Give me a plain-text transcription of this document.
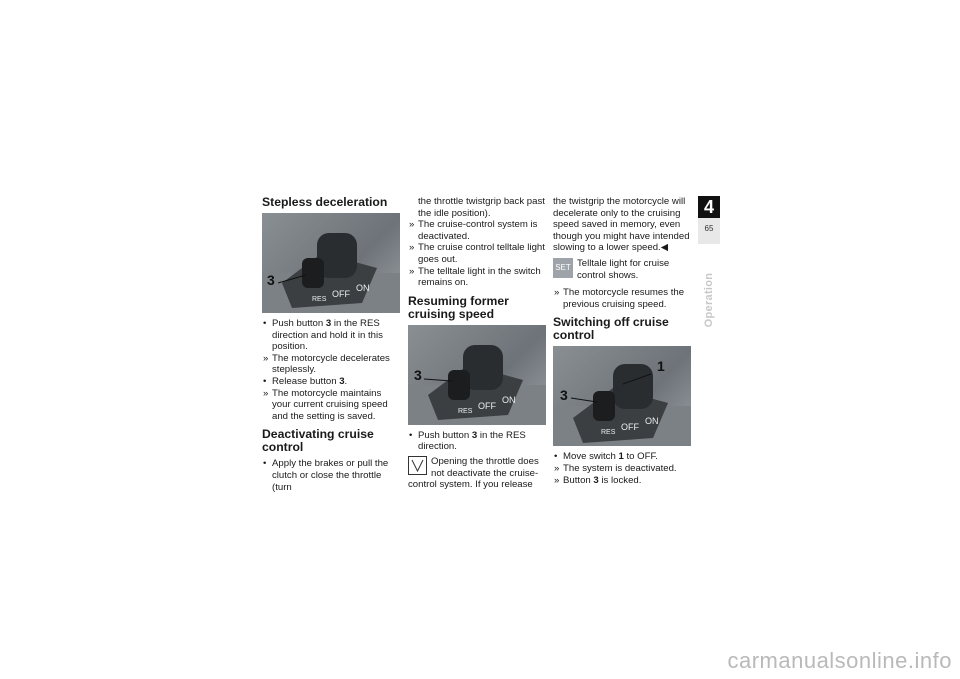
Stepless deceleration
RES
OFF
ON
3

• Push button 3 in the RES direction and hold it in this position.

» The motorcycle decelerates steplessly.

• Release button 3.

» The motorcycle maintains your current cruising speed and the setting is saved.

Deactivating cruise control

• Apply the brakes or pull the clutch or close the throttle (turn

the throttle twistgrip back past the idle position).

» The cruise-control system is deactivated.

» The cruise control telltale light goes out.

» The telltale light in the switch remains on.

Resuming former cruising speed
RES
OFF
ON
3

• Push button 3 in the RES direction.

Opening the throttle does not deactivate the cruise-control system. If you release

the twistgrip the motorcycle will decelerate only to the cruising speed saved in memory, even though you might have intended slowing to a lower speed.◀

SET Telltale light for cruise control shows.

» The motorcycle resumes the previous cruising speed.

Switching off cruise control
RES
OFF
ON
1
3

• Move switch 1 to OFF.

» The system is deactivated.

» Button 3 is locked.

4
65
Operation
carmanualsonline.info
